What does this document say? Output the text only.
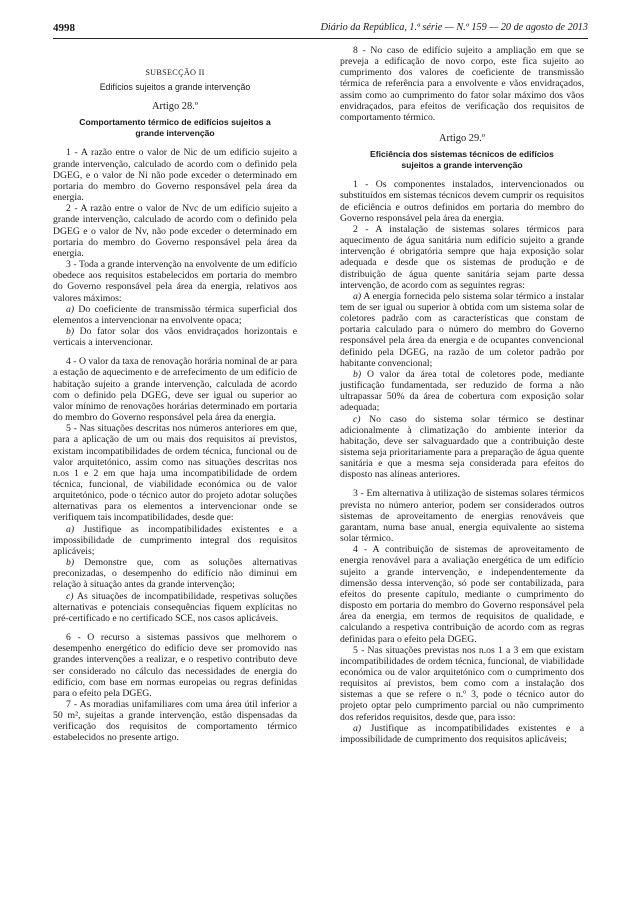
4998	Diário da República, 1.ª série — N.º 159 — 20 de agosto de 2013
SUBSECÇÃO II
Edifícios sujeitos a grande intervenção
Artigo 28.º
Comportamento térmico de edifícios sujeitos a grande intervenção

1 - A razão entre o valor de Nic de um edifício sujeito a grande intervenção, calculado de acordo com o definido pela DGEG, e o valor de Ni não pode exceder o determinado em portaria do membro do Governo responsável pela área da energia.

2 - A razão entre o valor de Nvc de um edifício sujeito a grande intervenção, calculado de acordo com o definido pela DGEG e o valor de Nv, não pode exceder o determinado em portaria do membro do Governo responsável pela área da energia.

3 - Toda a grande intervenção na envolvente de um edifício obedece aos requisitos estabelecidos em portaria do membro do Governo responsável pela área da energia, relativos aos valores máximos:

a) Do coeficiente de transmissão térmica superficial dos elementos a intervencionar na envolvente opaca;

b) Do fator solar dos vãos envidraçados horizontais e verticais a intervencionar.

4 - O valor da taxa de renovação horária nominal de ar para a estação de aquecimento e de arrefecimento de um edifício de habitação sujeito a grande intervenção, calculada de acordo com o definido pela DGEG, deve ser igual ou superior ao valor mínimo de renovações horárias determinado em portaria do membro do Governo responsável pela área da energia.

5 - Nas situações descritas nos números anteriores em que, para a aplicação de um ou mais dos requisitos aí previstos, existam incompatibilidades de ordem técnica, funcional ou de valor arquitetónico, assim como nas situações descritas nos n.os 1 e 2 em que haja uma incompatibilidade de ordem técnica, funcional, de viabilidade económica ou de valor arquitetónico, pode o técnico autor do projeto adotar soluções alternativas para os elementos a intervencionar onde se verifiquem tais incompatibilidades, desde que:

a) Justifique as incompatibilidades existentes e a impossibilidade de cumprimento integral dos requisitos aplicáveis;

b) Demonstre que, com as soluções alternativas preconizadas, o desempenho do edifício não diminui em relação à situação antes da grande intervenção;

c) As situações de incompatibilidade, respetivas soluções alternativas e potenciais consequências fiquem explícitas no pré-certificado e no certificado SCE, nos casos aplicáveis.

6 - O recurso a sistemas passivos que melhorem o desempenho energético do edifício deve ser promovido nas grandes intervenções a realizar, e o respetivo contributo deve ser considerado no cálculo das necessidades de energia do edifício, com base em normas europeias ou regras definidas para o efeito pela DGEG.

7 - As moradias unifamiliares com uma área útil inferior a 50 m², sujeitas a grande intervenção, estão dispensadas da verificação dos requisitos de comportamento térmico estabelecidos no presente artigo.

8 - No caso de edifício sujeito a ampliação em que se preveja a edificação de novo corpo, este fica sujeito ao cumprimento dos valores de coeficiente de transmissão térmica de referência para a envolvente e vãos envidraçados, assim como ao cumprimento do fator solar máximo dos vãos envidraçados, para efeitos de verificação dos requisitos de comportamento térmico.

Artigo 29.º
Eficiência dos sistemas técnicos de edifícios sujeitos a grande intervenção

1 - Os componentes instalados, intervencionados ou substituídos em sistemas técnicos devem cumprir os requisitos de eficiência e outros definidos em portaria do membro do Governo responsável pela área da energia.

2 - A instalação de sistemas solares térmicos para aquecimento de água sanitária num edifício sujeito a grande intervenção é obrigatória sempre que haja exposição solar adequada e desde que os sistemas de produção e de distribuição de água quente sanitária sejam parte dessa intervenção, de acordo com as seguintes regras:

a) A energia fornecida pelo sistema solar térmico a instalar tem de ser igual ou superior à obtida com um sistema solar de coletores padrão com as características que constam de portaria calculado para o número do membro do Governo responsável pela área da energia e de ocupantes convencional definido pela DGEG, na razão de um coletor padrão por habitante convencional;

b) O valor da área total de coletores pode, mediante justificação fundamentada, ser reduzido de forma a não ultrapassar 50% da área de cobertura com exposição solar adequada;

c) No caso do sistema solar térmico se destinar adicionalmente à climatização do ambiente interior da habitação, deve ser salvaguardado que a contribuição deste sistema seja prioritariamente para a preparação de água quente sanitária e que a mesma seja considerada para efeitos do disposto nas alíneas anteriores.

3 - Em alternativa à utilização de sistemas solares térmicos prevista no número anterior, podem ser considerados outros sistemas de aproveitamento de energias renováveis que garantam, numa base anual, energia equivalente ao sistema solar térmico.

4 - A contribuição de sistemas de aproveitamento de energia renovável para a avaliação energética de um edifício sujeito a grande intervenção, e independentemente da dimensão dessa intervenção, só pode ser contabilizada, para efeitos do presente capítulo, mediante o cumprimento do disposto em portaria do membro do Governo responsável pela área da energia, em termos de requisitos de qualidade, e calculando a respetiva contribuição de acordo com as regras definidas para o efeito pela DGEG.

5 - Nas situações previstas nos n.os 1 a 3 em que existam incompatibilidades de ordem técnica, funcional, de viabilidade económica ou de valor arquitetónico com o cumprimento dos requisitos aí previstos, bem como com a instalação dos sistemas a que se refere o n.º 3, pode o técnico autor do projeto optar pelo cumprimento parcial ou não cumprimento dos referidos requisitos, desde que, para isso:

a) Justifique as incompatibilidades existentes e a impossibilidade de cumprimento dos requisitos aplicáveis;
